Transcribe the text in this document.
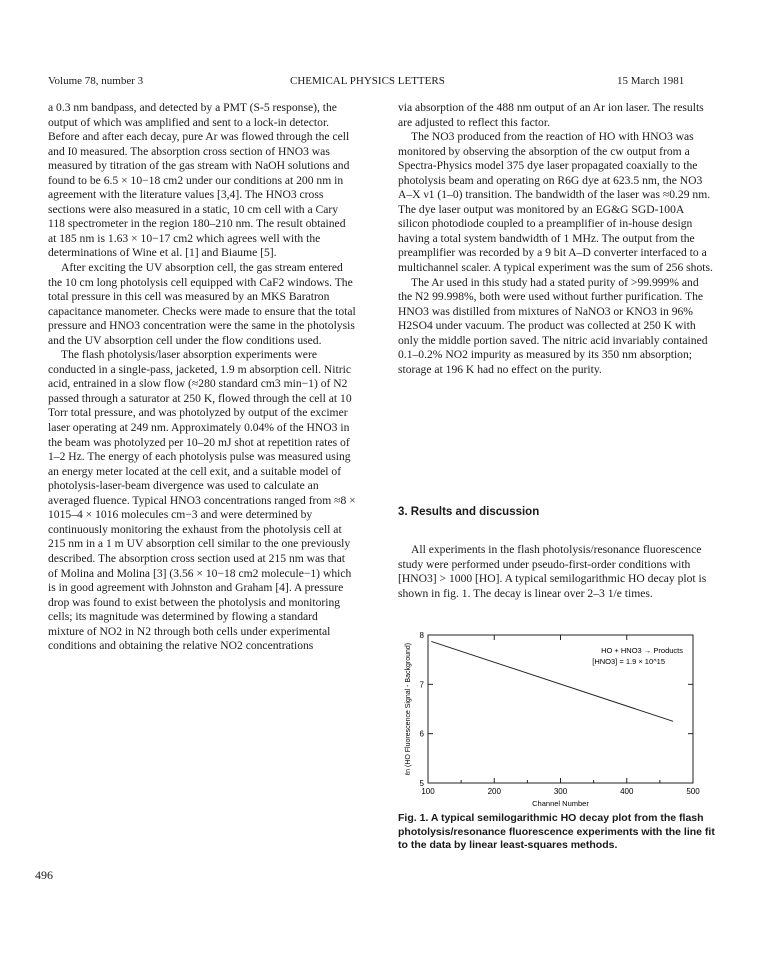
Volume 78, number 3	CHEMICAL PHYSICS LETTERS	15 March 1981

a 0.3 nm bandpass, and detected by a PMT (S-5 response), the output of which was amplified and sent to a lock-in detector. Before and after each decay, pure Ar was flowed through the cell and I0 measured. The absorption cross section of HNO3 was measured by titration of the gas stream with NaOH solutions and found to be 6.5 × 10−18 cm2 under our conditions at 200 nm in agreement with the literature values [3,4]. The HNO3 cross sections were also measured in a static, 10 cm cell with a Cary 118 spectrometer in the region 180–210 nm. The result obtained at 185 nm is 1.63 × 10−17 cm2 which agrees well with the determinations of Wine et al. [1] and Biaume [5].

After exciting the UV absorption cell, the gas stream entered the 10 cm long photolysis cell equipped with CaF2 windows. The total pressure in this cell was measured by an MKS Baratron capacitance manometer. Checks were made to ensure that the total pressure and HNO3 concentration were the same in the photolysis and the UV absorption cell under the flow conditions used.

The flash photolysis/laser absorption experiments were conducted in a single-pass, jacketed, 1.9 m absorption cell. Nitric acid, entrained in a slow flow (≈280 standard cm3 min−1) of N2 passed through a saturator at 250 K, flowed through the cell at 10 Torr total pressure, and was photolyzed by output of the excimer laser operating at 249 nm. Approximately 0.04% of the HNO3 in the beam was photolyzed per 10–20 mJ shot at repetition rates of 1–2 Hz. The energy of each photolysis pulse was measured using an energy meter located at the cell exit, and a suitable model of photolysis-laser-beam divergence was used to calculate an averaged fluence. Typical HNO3 concentrations ranged from ≈8 × 1015–4 × 1016 molecules cm−3 and were determined by continuously monitoring the exhaust from the photolysis cell at 215 nm in a 1 m UV absorption cell similar to the one previously described. The absorption cross section used at 215 nm was that of Molina and Molina [3] (3.56 × 10−18 cm2 molecule−1) which is in good agreement with Johnston and Graham [4]. A pressure drop was found to exist between the photolysis and monitoring cells; its magnitude was determined by flowing a standard mixture of NO2 in N2 through both cells under experimental conditions and obtaining the relative NO2 concentrations

via absorption of the 488 nm output of an Ar ion laser. The results are adjusted to reflect this factor.

The NO3 produced from the reaction of HO with HNO3 was monitored by observing the absorption of the cw output from a Spectra-Physics model 375 dye laser propagated coaxially to the photolysis beam and operating on R6G dye at 623.5 nm, the NO3 A–X ν1 (1–0) transition. The bandwidth of the laser was ≈0.29 nm. The dye laser output was monitored by an EG&G SGD-100A silicon photodiode coupled to a preamplifier of in-house design having a total system bandwidth of 1 MHz. The output from the preamplifier was recorded by a 9 bit A–D converter interfaced to a multichannel scaler. A typical experiment was the sum of 256 shots.

The Ar used in this study had a stated purity of >99.999% and the N2 99.998%, both were used without further purification. The HNO3 was distilled from mixtures of NaNO3 or KNO3 in 96% H2SO4 under vacuum. The product was collected at 250 K with only the middle portion saved. The nitric acid invariably contained 0.1–0.2% NO2 impurity as measured by its 350 nm absorption; storage at 196 K had no effect on the purity.

3. Results and discussion

All experiments in the flash photolysis/resonance fluorescence study were performed under pseudo-first-order conditions with [HNO3] > 1000 [HO]. A typical semilogarithmic HO decay plot is shown in fig. 1. The decay is linear over 2–3 1/e times.

100	200	300	400	500
5
6
7
8
Channel Number
ℓn (HO Fluorescence Signal - Background)	HO + HNO3 → Products
[HNO3] = 1.9 × 10^15
Fig. 1. A typical semilogarithmic HO decay plot from the flash photolysis/resonance fluorescence experiments with the line fit to the data by linear least-squares methods.
496
